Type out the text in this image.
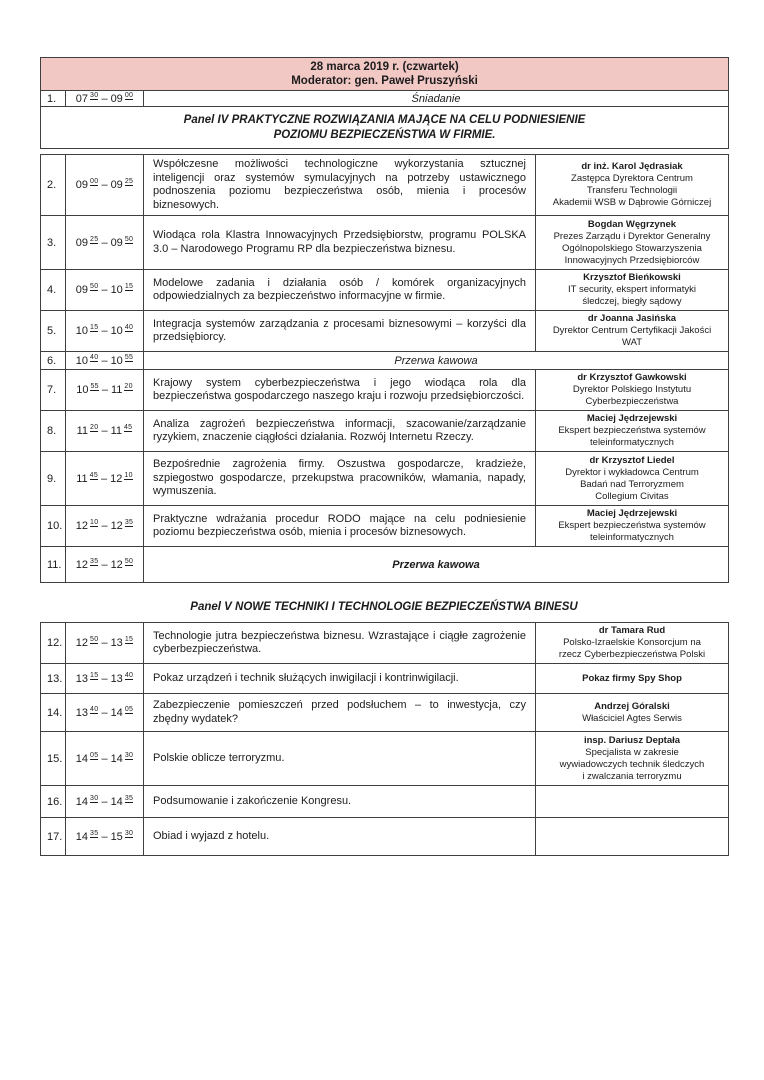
28 marca 2019 r. (czwartek)
Moderator: gen. Paweł Pruszyński

1.	07 $^{30}$ – 09 $^{00}$	Śniadanie

Panel IV PRAKTYCZNE ROZWIĄZANIA MAJĄCE NA CELU PODNIESIENIE
POZIOMU BEZPIECZEŃSTWA W FIRMIE.
2.	09 $^{00}$ – 09 $^{25}$	Współczesne możliwości technologiczne wykorzystania sztucznej inteligencji oraz systemów symulacyjnych na potrzeby ustawicznego podnoszenia poziomu bezpieczeństwa osób, mienia i procesów biznesowych.	dr inż. Karol Jędrasiak
Zastępca Dyrektora Centrum
Transferu Technologii
Akademii WSB w Dąbrowie Górniczej

3.	09 $^{25}$ – 09 $^{50}$	Wiodąca rola Klastra Innowacyjnych Przedsiębiorstw, programu POLSKA 3.0 – Narodowego Programu RP dla bezpieczeństwa biznesu.	Bogdan Węgrzynek
Prezes Zarządu i Dyrektor Generalny
Ogólnopolskiego Stowarzyszenia
Innowacyjnych Przedsiębiorców

4.	09 $^{50}$ – 10 $^{15}$	Modelowe zadania i działania osób / komórek organizacyjnych odpowiedzialnych za bezpieczeństwo informacyjne w firmie.	Krzysztof Bieńkowski
IT security, ekspert informatyki
śledczej, biegły sądowy

5.	10 $^{15}$ – 10 $^{40}$	Integracja systemów zarządzania z procesami biznesowymi – korzyści dla przedsiębiorcy.	dr Joanna Jasińska
Dyrektor Centrum Certyfikacji Jakości
WAT

6.	10 $^{40}$ – 10 $^{55}$	Przerwa kawowa	
7.	10 $^{55}$ – 11 $^{20}$	Krajowy system cyberbezpieczeństwa i jego wiodąca rola dla bezpieczeństwa gospodarczego naszego kraju i rozwoju przedsiębiorczości.	dr Krzysztof Gawkowski
Dyrektor Polskiego Instytutu
Cyberbezpieczeństwa

8.	11 $^{20}$ – 11 $^{45}$	Analiza zagrożeń bezpieczeństwa informacji, szacowanie/zarządzanie ryzykiem, znaczenie ciągłości działania. Rozwój Internetu Rzeczy.	Maciej Jędrzejewski
Ekspert bezpieczeństwa systemów
teleinformatycznych

9.	11 $^{45}$ – 12 $^{10}$	Bezpośrednie zagrożenia firmy. Oszustwa gospodarcze, kradzieże, szpiegostwo gospodarcze, przekupstwa pracowników, włamania, napady, wymuszenia.	dr Krzysztof Liedel
Dyrektor i wykładowca Centrum
Badań nad Terroryzmem
Collegium Civitas

10.	12 $^{10}$ – 12 $^{35}$	Praktyczne wdrażania procedur RODO mające na celu podniesienie poziomu bezpieczeństwa osób, mienia i procesów biznesowych.	Maciej Jędrzejewski
Ekspert bezpieczeństwa systemów
teleinformatycznych

11.	12 $^{35}$ – 12 $^{50}$	Przerwa kawowa	
Panel V NOWE TECHNIKI I TECHNOLOGIE BEZPIECZEŃSTWA BINESU
12.	12 $^{50}$ – 13 $^{15}$	Technologie jutra bezpieczeństwa biznesu. Wzrastające i ciągłe zagrożenie cyberbezpieczeństwa.	dr Tamara Rud
Polsko-Izraelskie Konsorcjum na
rzecz Cyberbezpieczeństwa Polski

13.	13 $^{15}$ – 13 $^{40}$	Pokaz urządzeń i technik służących inwigilacji i kontrinwigilacji.	Pokaz firmy Spy Shop

14.	13 $^{40}$ – 14 $^{05}$	Zabezpieczenie pomieszczeń przed podsłuchem – to inwestycja, czy zbędny wydatek?	Andrzej Góralski
Właściciel Agtes Serwis

15.	14 $^{05}$ – 14 $^{30}$	Polskie oblicze terroryzmu.	insp. Dariusz Deptała
Specjalista w zakresie
wywiadowczych technik śledczych
i zwalczania terroryzmu

16.	14 $^{30}$ – 14 $^{35}$	Podsumowanie i zakończenie Kongresu.	
17.	14 $^{35}$ – 15 $^{30}$	Obiad i wyjazd z hotelu.	
